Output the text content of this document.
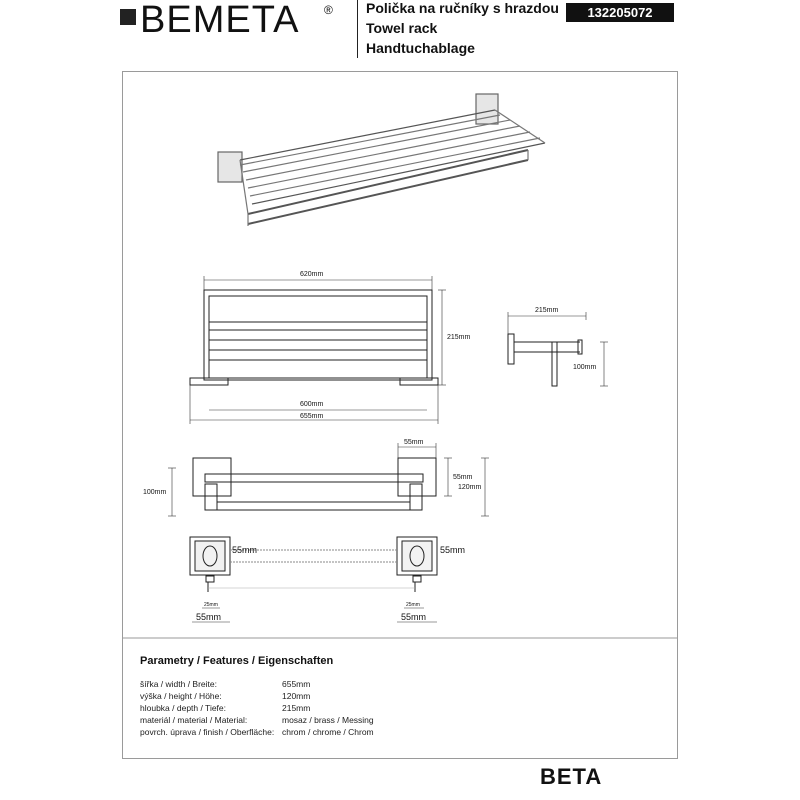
BEMETA ® Polička na ručníky s hrazdou
Towel rack
Handtuchablage
132205072
620mm
215mm
600mm
655mm
215mm
100mm
55mm
55mm
120mm
100mm
55mm	55mm
25mm	25mm
55mm	55mm
Parametry / Features / Eigenschaften
šířka / width / Breite:	655mm
výška / height / Höhe:	120mm
hloubka / depth / Tiefe:	215mm
materiál / material / Material:	mosaz / brass / Messing
povrch. úprava / finish / Oberfläche: chrom / chrome / Chrom
BETA
